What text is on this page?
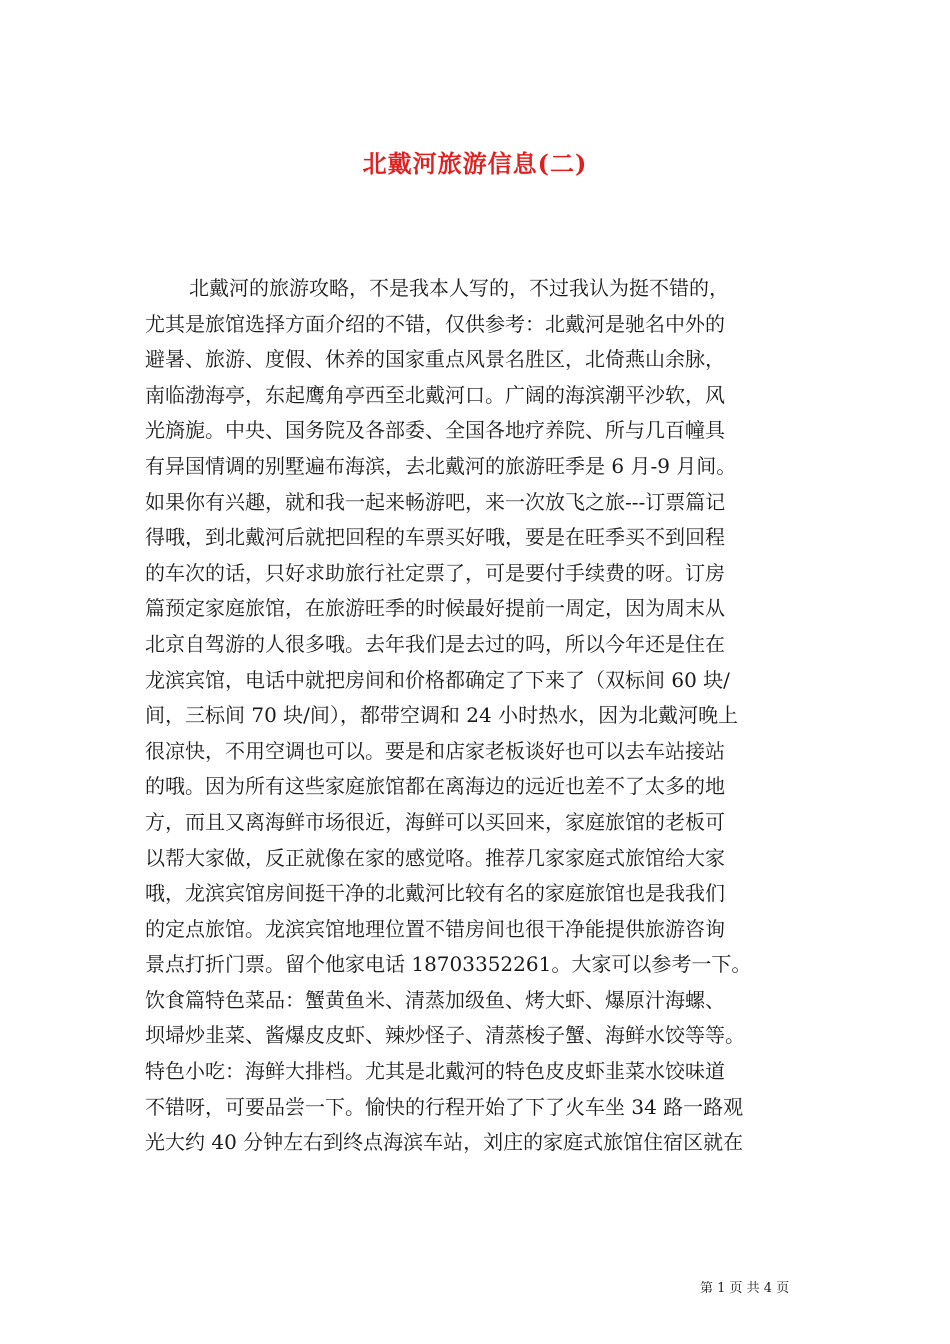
北戴河旅游信息(二)
北戴河的旅游攻略，不是我本人写的，不过我认为挺不错的，
尤其是旅馆选择方面介绍的不错，仅供参考：北戴河是驰名中外的
避暑、旅游、度假、休养的国家重点风景名胜区，北倚燕山余脉，
南临渤海亭，东起鹰角亭西至北戴河口。广阔的海滨潮平沙软，风
光旖旎。中央、国务院及各部委、全国各地疗养院、所与几百幢具
有异国情调的别墅遍布海滨，去北戴河的旅游旺季是 6 月-9 月间。
如果你有兴趣，就和我一起来畅游吧，来一次放飞之旅---订票篇记
得哦，到北戴河后就把回程的车票买好哦，要是在旺季买不到回程
的车次的话，只好求助旅行社定票了，可是要付手续费的呀。订房
篇预定家庭旅馆，在旅游旺季的时候最好提前一周定，因为周末从
北京自驾游的人很多哦。去年我们是去过的吗，所以今年还是住在
龙滨宾馆，电话中就把房间和价格都确定了下来了（双标间 60 块/
间，三标间 70 块/间），都带空调和 24 小时热水，因为北戴河晚上
很凉快，不用空调也可以。要是和店家老板谈好也可以去车站接站
的哦。因为所有这些家庭旅馆都在离海边的远近也差不了太多的地
方，而且又离海鲜市场很近，海鲜可以买回来，家庭旅馆的老板可
以帮大家做，反正就像在家的感觉咯。推荐几家家庭式旅馆给大家
哦，龙滨宾馆房间挺干净的北戴河比较有名的家庭旅馆也是我我们
的定点旅馆。龙滨宾馆地理位置不错房间也很干净能提供旅游咨询
景点打折门票。留个他家电话 18703352261。大家可以参考一下。
饮食篇特色菜品：蟹黄鱼米、清蒸加级鱼、烤大虾、爆原汁海螺、
坝埽炒韭菜、酱爆皮皮虾、辣炒怪子、清蒸梭子蟹、海鲜水饺等等。
特色小吃：海鲜大排档。尤其是北戴河的特色皮皮虾韭菜水饺味道
不错呀，可要品尝一下。愉快的行程开始了下了火车坐 34 路一路观
光大约 40 分钟左右到终点海滨车站，刘庄的家庭式旅馆住宿区就在
第 1 页 共 4 页
